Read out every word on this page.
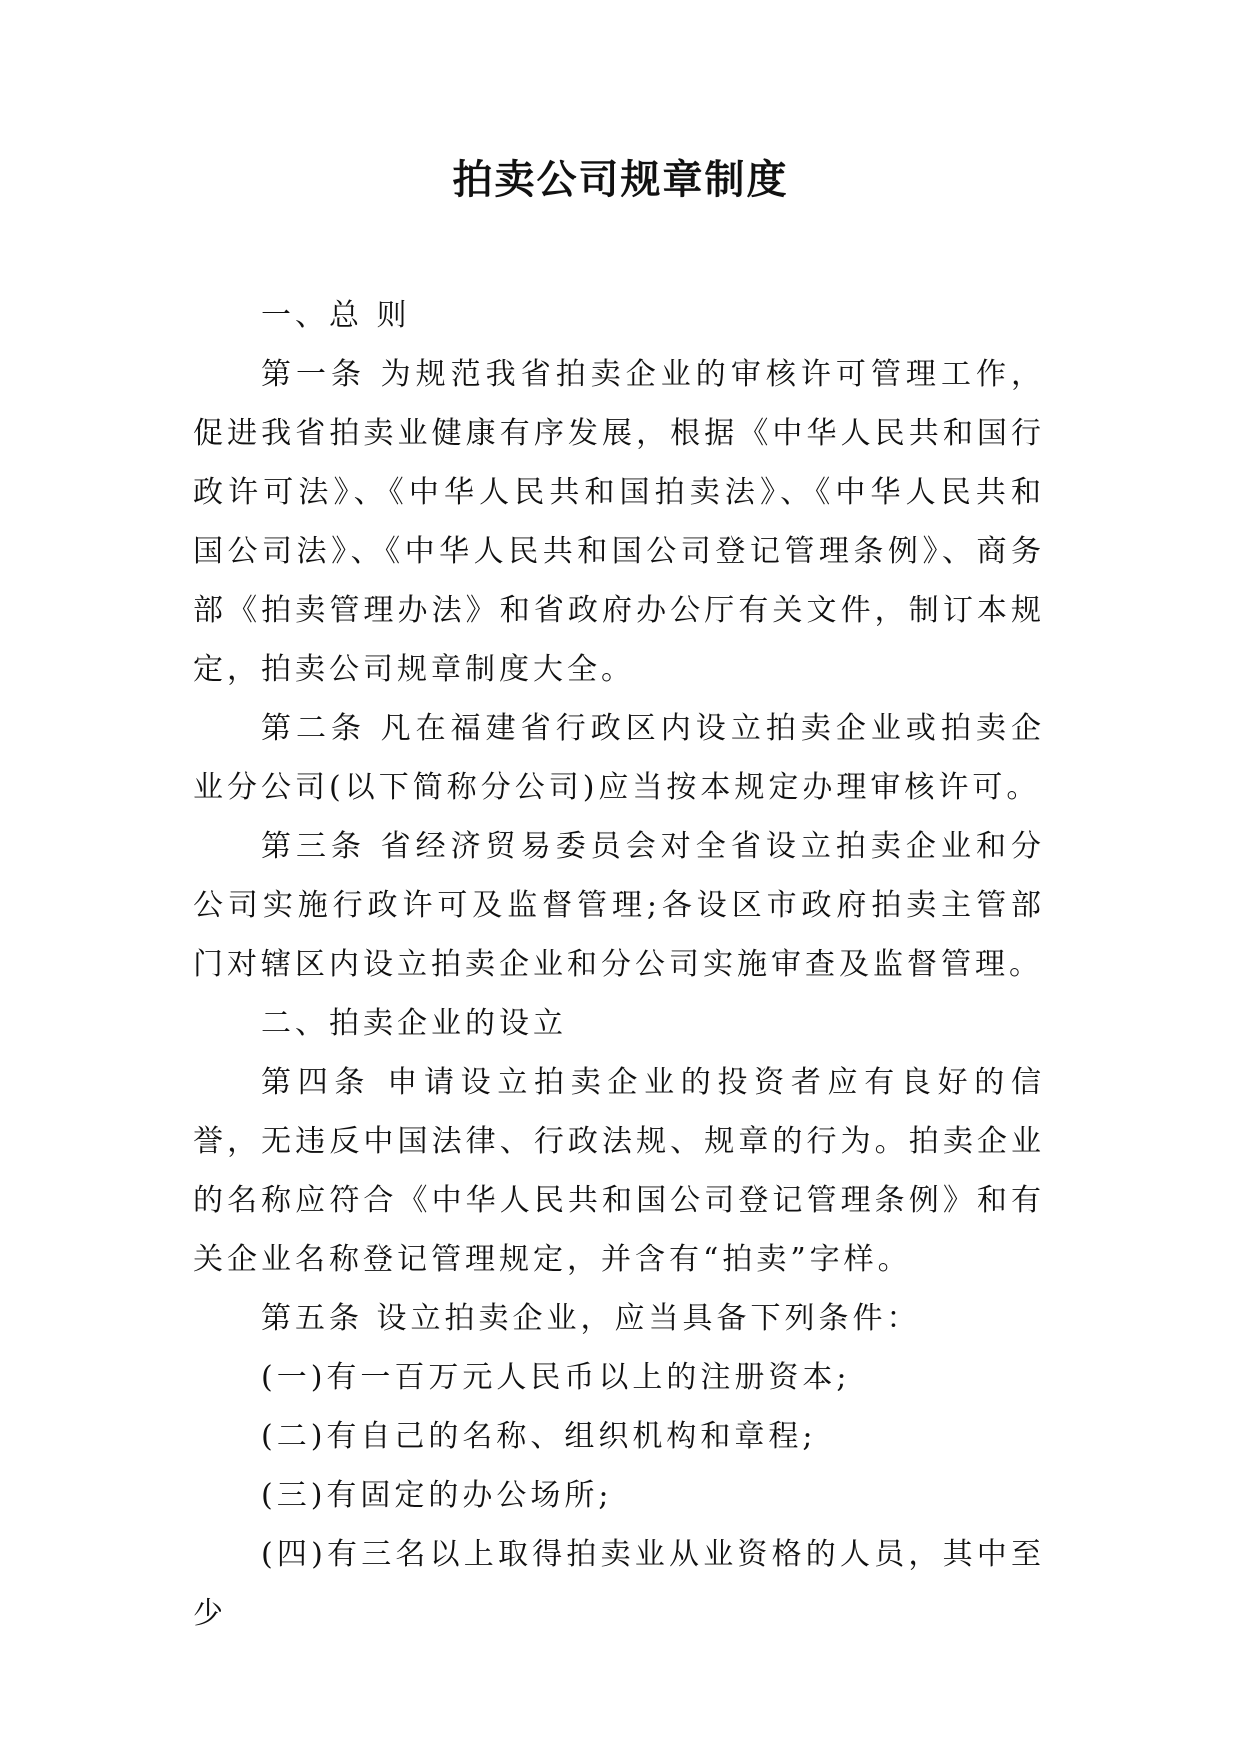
拍卖公司规章制度

一、总 则

第一条 为规范我省拍卖企业的审核许可管理工作，促进我省拍卖业健康有序发展，根据《中华人民共和国行政许可法》、《中华人民共和国拍卖法》、《中华人民共和国公司法》、《中华人民共和国公司登记管理条例》、商务部《拍卖管理办法》和省政府办公厅有关文件，制订本规定，拍卖公司规章制度大全。

第二条 凡在福建省行政区内设立拍卖企业或拍卖企业分公司(以下简称分公司)应当按本规定办理审核许可。

第三条 省经济贸易委员会对全省设立拍卖企业和分公司实施行政许可及监督管理;各设区市政府拍卖主管部门对辖区内设立拍卖企业和分公司实施审查及监督管理。

二、拍卖企业的设立

第四条 申请设立拍卖企业的投资者应有良好的信誉，无违反中国法律、行政法规、规章的行为。拍卖企业的名称应符合《中华人民共和国公司登记管理条例》和有关企业名称登记管理规定，并含有“拍卖”字样。

第五条 设立拍卖企业，应当具备下列条件：

(一)有一百万元人民币以上的注册资本;

(二)有自己的名称、组织机构和章程;

(三)有固定的办公场所;

(四)有三名以上取得拍卖业从业资格的人员，其中至少
